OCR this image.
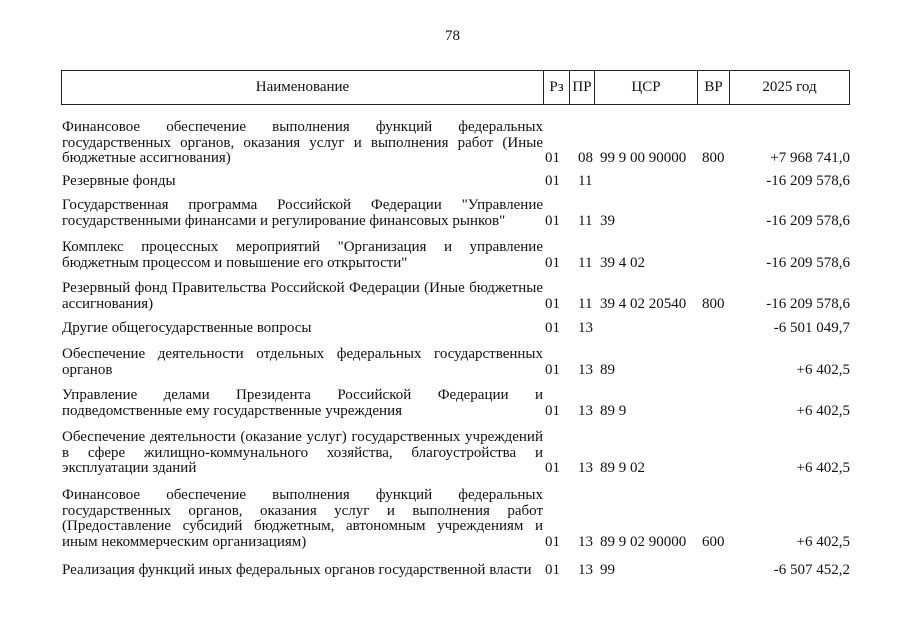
78
Наименование	Рз ПР	ЦСР	ВР	2025 год
Финансовое обеспечение выполнения функций федеральных государственных органов, оказания услуг и выполнения работ (Иные бюджетные ассигнования)	01 08 99 9 00 90000 800	+7 968 741,0
Резервные фонды	01 11	-16 209 578,6
Государственная программа Российской Федерации "Управление государственными финансами и регулирование финансовых рынков"	01 11 39	-16 209 578,6
Комплекс процессных мероприятий "Организация и управление бюджетным процессом и повышение его открытости"	01 11 39 4 02	-16 209 578,6
Резервный фонд Правительства Российской Федерации (Иные бюджетные ассигнования)	01 11 39 4 02 20540 800	-16 209 578,6
Другие общегосударственные вопросы	01 13	-6 501 049,7
Обеспечение деятельности отдельных федеральных государственных органов	01 13 89	+6 402,5
Управление делами Президента Российской Федерации и подведомственные ему государственные учреждения	01 13 89 9	+6 402,5
Обеспечение деятельности (оказание услуг) государственных учреждений в сфере жилищно-коммунального хозяйства, благоустройства и эксплуатации зданий	01 13 89 9 02	+6 402,5
Финансовое обеспечение выполнения функций федеральных государственных органов, оказания услуг и выполнения работ (Предоставление субсидий бюджетным, автономным учреждениям и иным некоммерческим организациям)	01 13 89 9 02 90000 600	+6 402,5
Реализация функций иных федеральных органов государственной власти 01 13 99	-6 507 452,2
